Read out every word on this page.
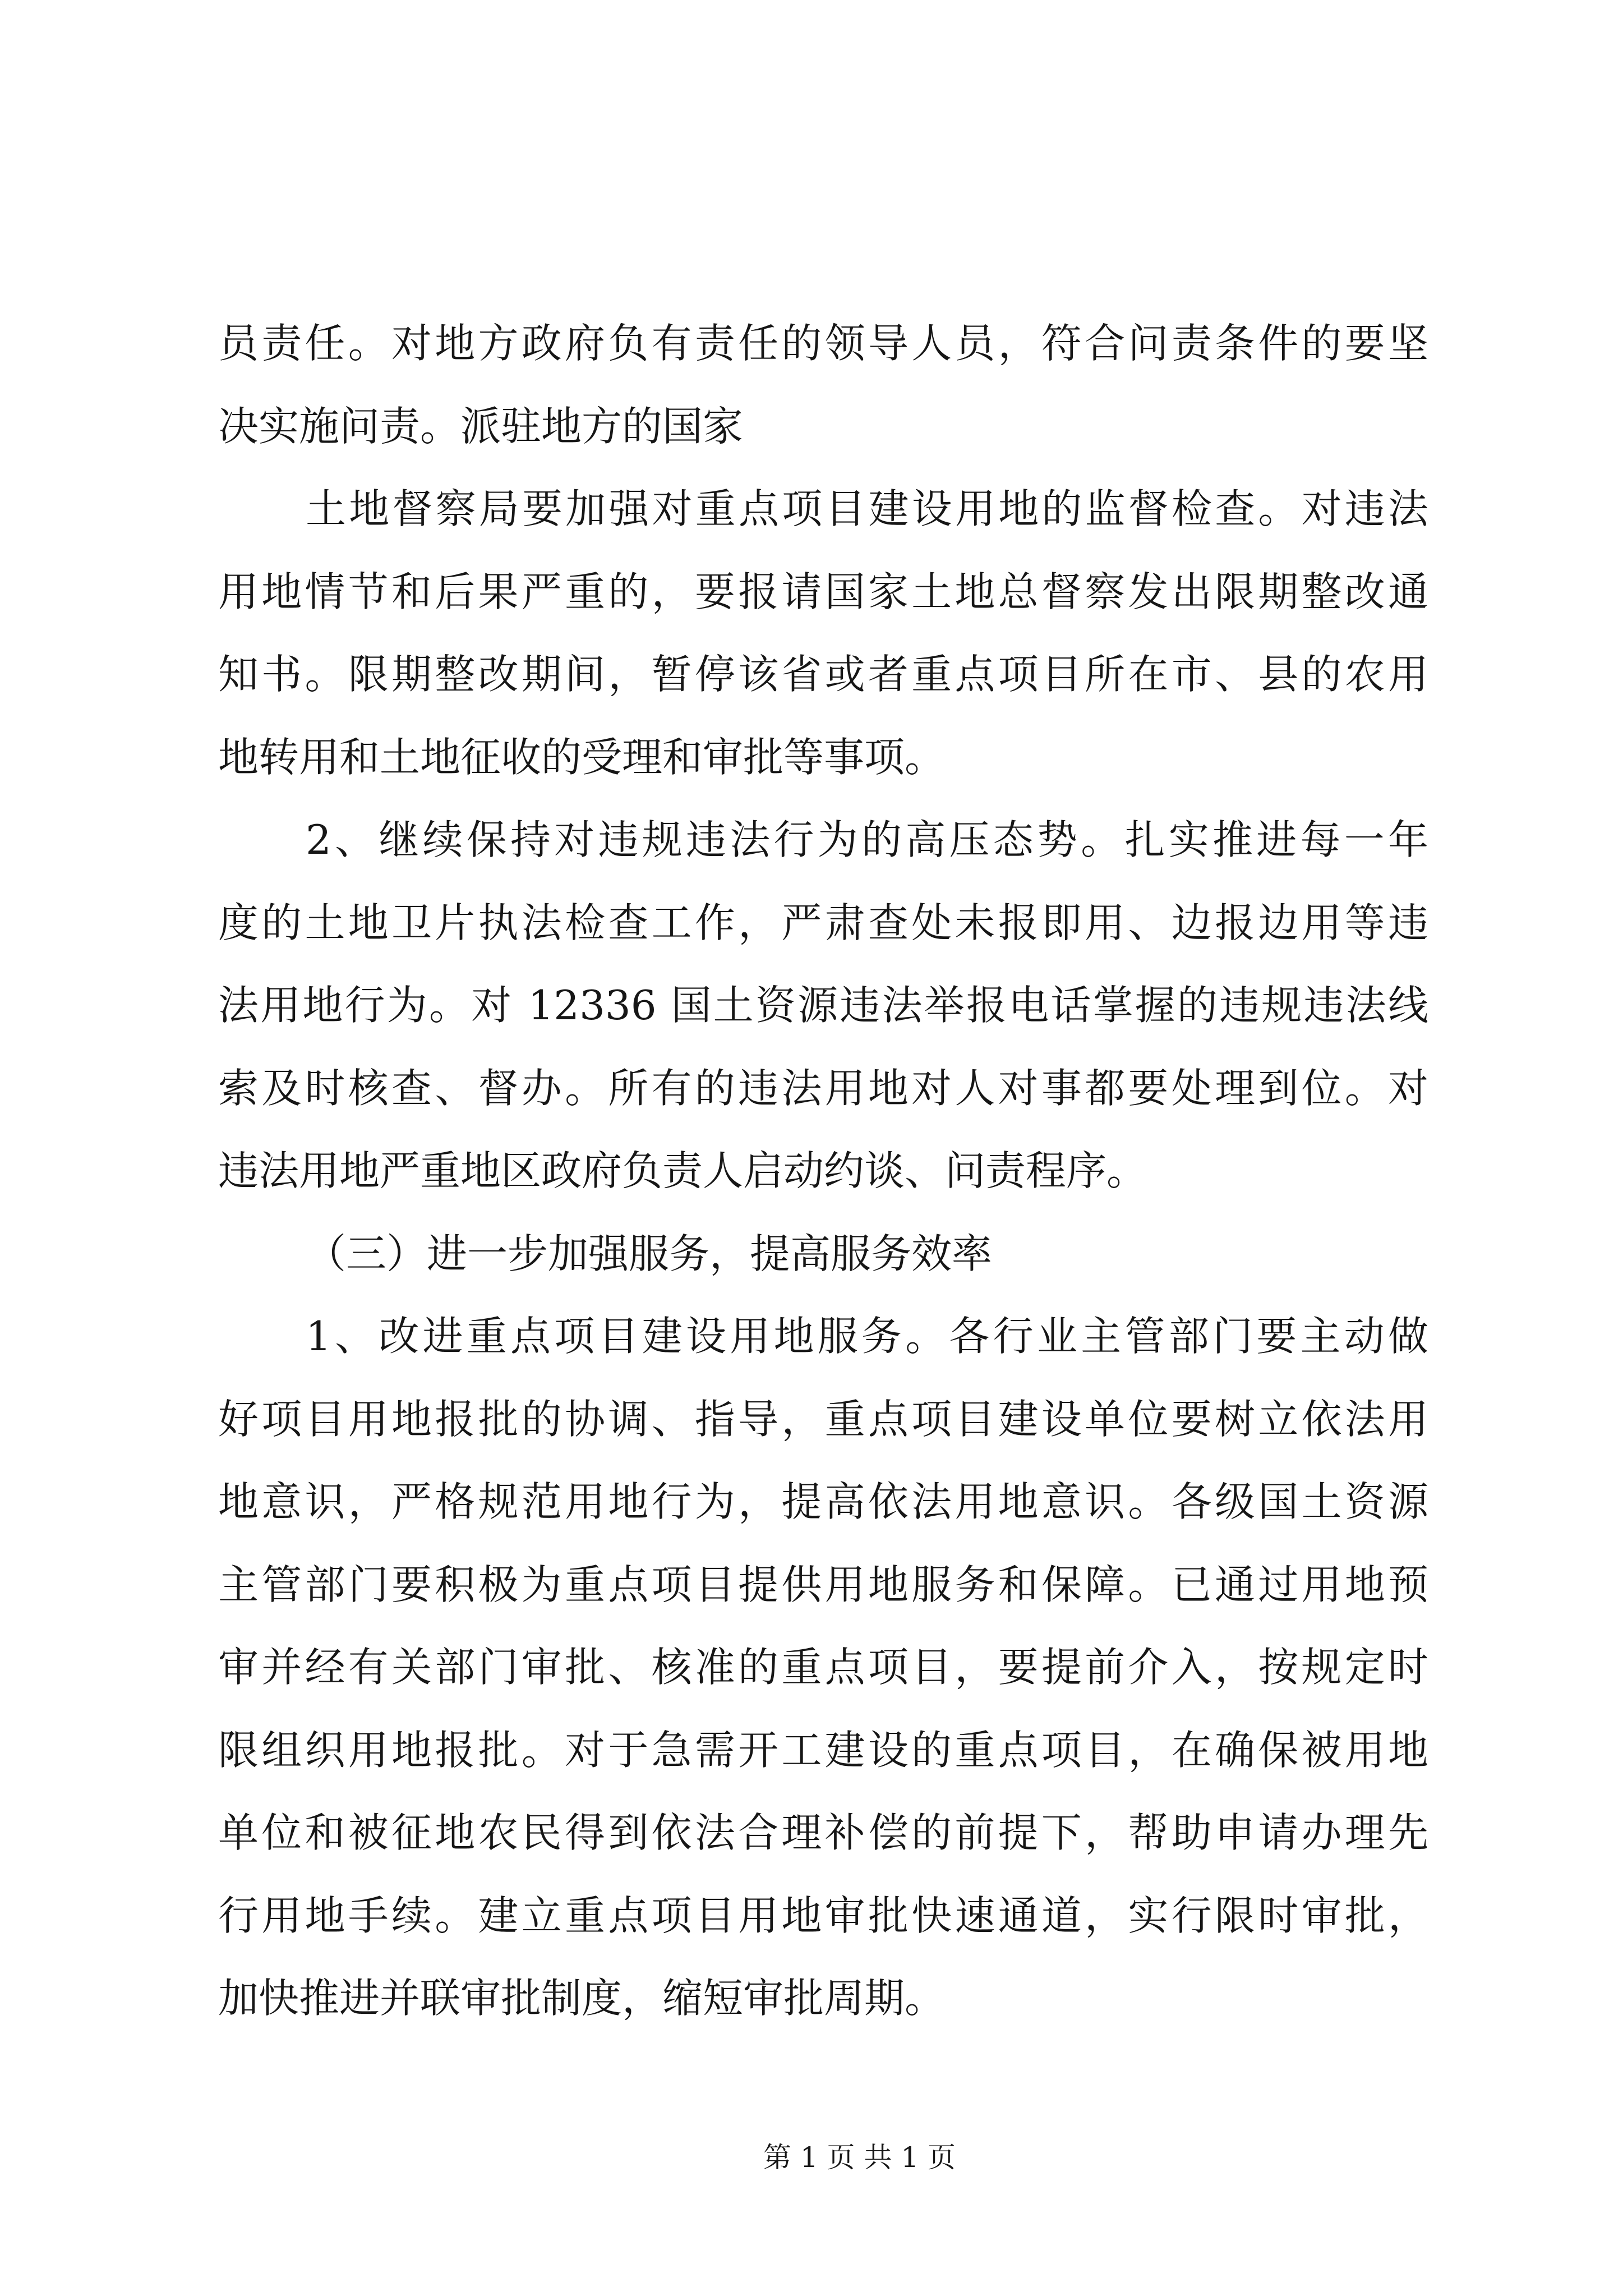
员责任。对地方政府负有责任的领导人员，符合问责条件的要坚
决实施问责。派驻地方的国家
土地督察局要加强对重点项目建设用地的监督检查。对违法
用地情节和后果严重的，要报请国家土地总督察发出限期整改通
知书。限期整改期间，暂停该省或者重点项目所在市、县的农用
地转用和土地征收的受理和审批等事项。
2、继续保持对违规违法行为的高压态势。扎实推进每一年
度的土地卫片执法检查工作，严肃查处未报即用、边报边用等违
法用地行为。对 12336 国土资源违法举报电话掌握的违规违法线
索及时核查、督办。所有的违法用地对人对事都要处理到位。对
违法用地严重地区政府负责人启动约谈、问责程序。
（三）进一步加强服务，提高服务效率
1、改进重点项目建设用地服务。各行业主管部门要主动做
好项目用地报批的协调、指导，重点项目建设单位要树立依法用
地意识，严格规范用地行为，提高依法用地意识。各级国土资源
主管部门要积极为重点项目提供用地服务和保障。已通过用地预
审并经有关部门审批、核准的重点项目，要提前介入，按规定时
限组织用地报批。对于急需开工建设的重点项目，在确保被用地
单位和被征地农民得到依法合理补偿的前提下，帮助申请办理先
行用地手续。建立重点项目用地审批快速通道，实行限时审批，
加快推进并联审批制度，缩短审批周期。
第 1 页 共 1 页
